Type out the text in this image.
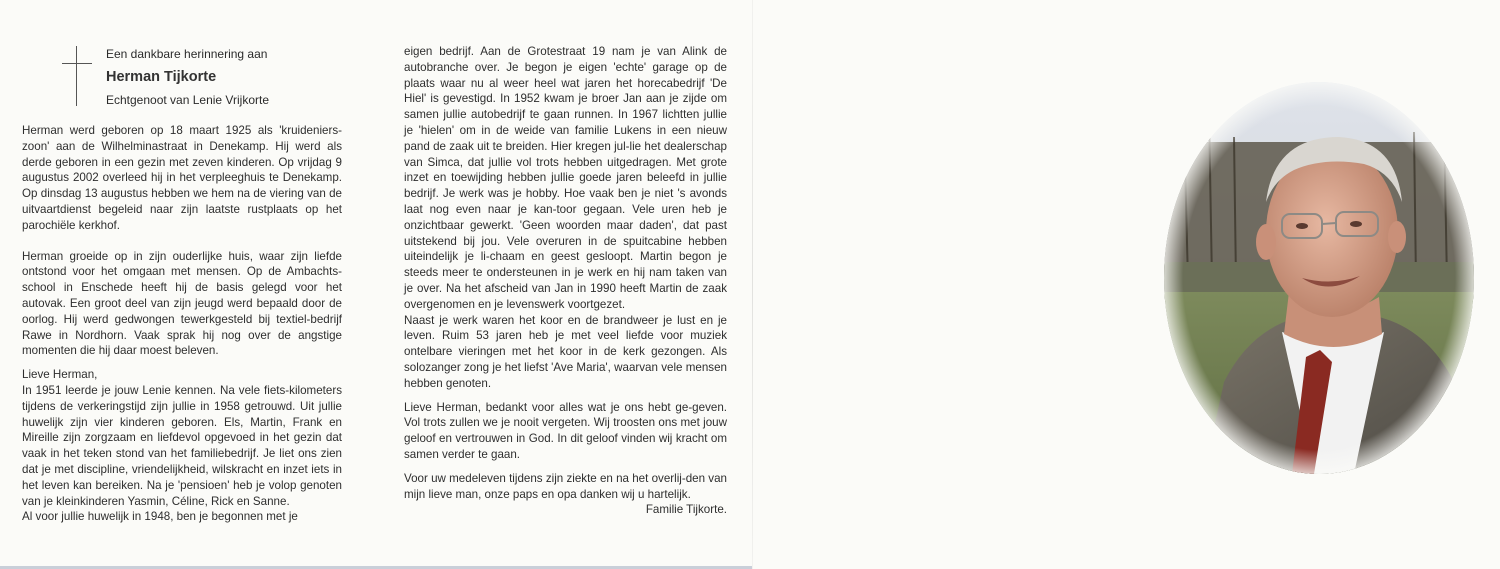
Een dankbare herinnering aan

Herman Tijkorte

Echtgenoot van Lenie Vrijkorte

Herman werd geboren op 18 maart 1925 als 'kruideniers-zoon' aan de Wilhelminastraat in Denekamp. Hij werd als derde geboren in een gezin met zeven kinderen. Op vrijdag 9 augustus 2002 overleed hij in het verpleeghuis te Denekamp. Op dinsdag 13 augustus hebben we hem na de viering van de uitvaartdienst begeleid naar zijn laatste rustplaats op het parochiële kerkhof.

Herman groeide op in zijn ouderlijke huis, waar zijn liefde ontstond voor het omgaan met mensen. Op de Ambachts-school in Enschede heeft hij de basis gelegd voor het autovak. Een groot deel van zijn jeugd werd bepaald door de oorlog. Hij werd gedwongen tewerkgesteld bij textiel-bedrijf Rawe in Nordhorn. Vaak sprak hij nog over de angstige momenten die hij daar moest beleven.

Lieve Herman,

In 1951 leerde je jouw Lenie kennen. Na vele fiets-kilometers tijdens de verkeringstijd zijn jullie in 1958 getrouwd. Uit jullie huwelijk zijn vier kinderen geboren. Els, Martin, Frank en Mireille zijn zorgzaam en liefdevol opgevoed in het gezin dat vaak in het teken stond van het familiebedrijf. Je liet ons zien dat je met discipline, vriendelijkheid, wilskracht en inzet iets in het leven kan bereiken. Na je 'pensioen' heb je volop genoten van je kleinkinderen Yasmin, Céline, Rick en Sanne.

Al voor jullie huwelijk in 1948, ben je begonnen met je

eigen bedrijf. Aan de Grotestraat 19 nam je van Alink de autobranche over. Je begon je eigen 'echte' garage op de plaats waar nu al weer heel wat jaren het horecabedrijf 'De Hiel' is gevestigd. In 1952 kwam je broer Jan aan je zijde om samen jullie autobedrijf te gaan runnen. In 1967 lichtten jullie je 'hielen' om in de weide van familie Lukens in een nieuw pand de zaak uit te breiden. Hier kregen jul-lie het dealerschap van Simca, dat jullie vol trots hebben uitgedragen. Met grote inzet en toewijding hebben jullie goede jaren beleefd in jullie bedrijf. Je werk was je hobby. Hoe vaak ben je niet 's avonds laat nog even naar je kan-toor gegaan. Vele uren heb je onzichtbaar gewerkt. 'Geen woorden maar daden', dat past uitstekend bij jou. Vele overuren in de spuitcabine hebben uiteindelijk je li-chaam en geest gesloopt. Martin begon je steeds meer te ondersteunen in je werk en hij nam taken van je over. Na het afscheid van Jan in 1990 heeft Martin de zaak overgenomen en je levenswerk voortgezet.

Naast je werk waren het koor en de brandweer je lust en je leven. Ruim 53 jaren heb je met veel liefde voor muziek ontelbare vieringen met het koor in de kerk gezongen. Als solozanger zong je het liefst 'Ave Maria', waarvan vele mensen hebben genoten.

Lieve Herman, bedankt voor alles wat je ons hebt ge-geven. Vol trots zullen we je nooit vergeten. Wij troosten ons met jouw geloof en vertrouwen in God. In dit geloof vinden wij kracht om samen verder te gaan.

Voor uw medeleven tijdens zijn ziekte en na het overlij-den van mijn lieve man, onze paps en opa danken wij u hartelijk.

Familie Tijkorte.
